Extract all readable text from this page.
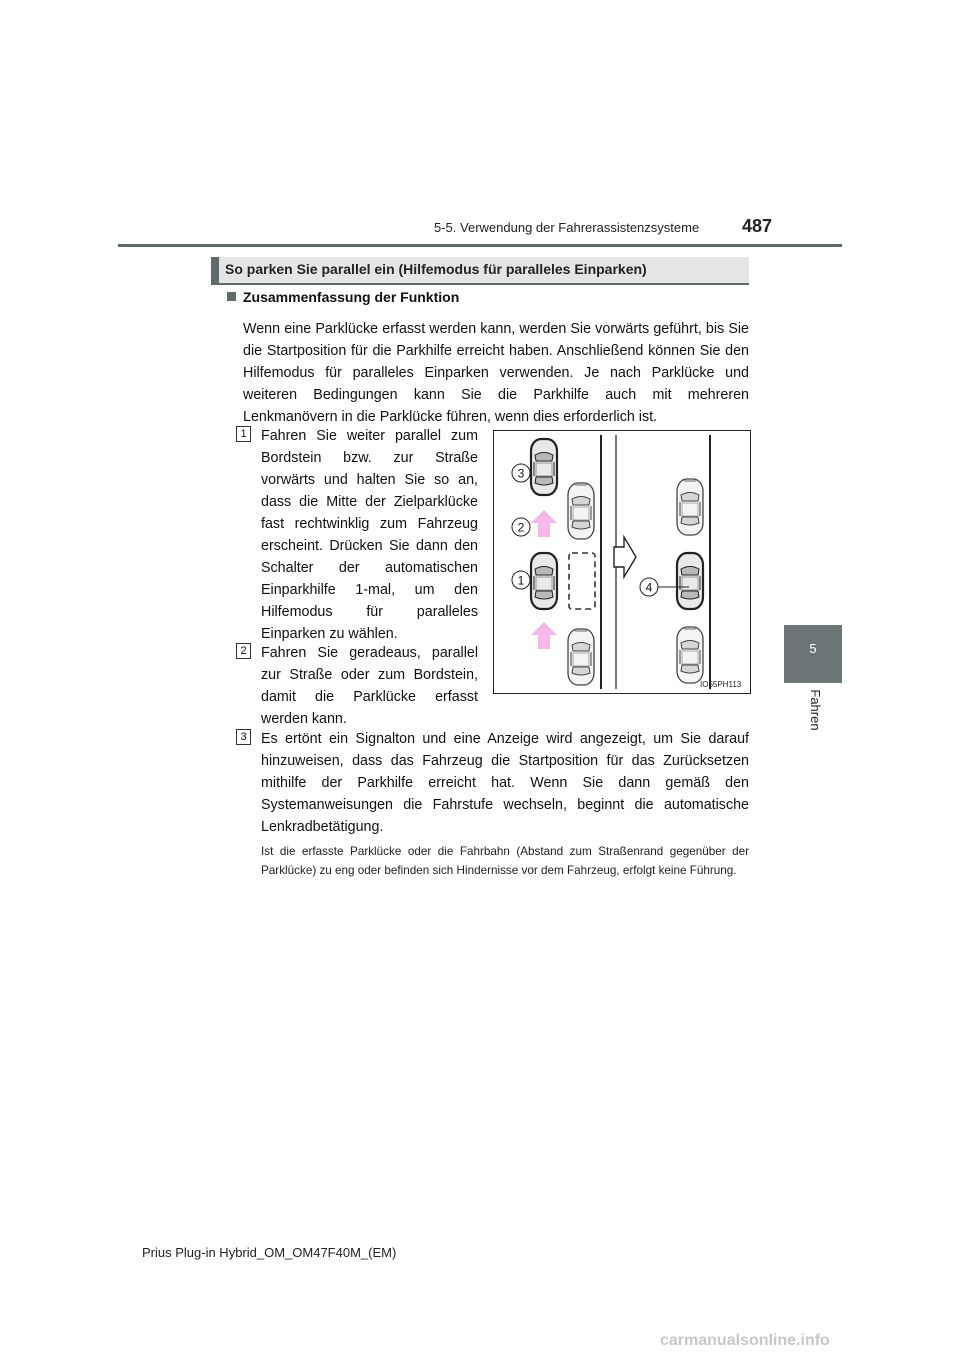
5-5. Verwendung der Fahrerassistenzsysteme 487
5
Fahren
So parken Sie parallel ein (Hilfemodus für paralleles Einparken)
Zusammenfassung der Funktion
Wenn eine Parklücke erfasst werden kann, werden Sie vorwärts geführt, bis Sie die Startposition für die Parkhilfe erreicht haben. Anschließend können Sie den Hilfemodus für paralleles Einparken verwenden. Je nach Parklücke und weiteren Bedingungen kann Sie die Parkhilfe auch mit mehreren Lenkmanövern in die Parklücke führen, wenn dies erforderlich ist.
1	Fahren Sie weiter parallel zum Bordstein bzw. zur Straße vorwärts und halten Sie so an, dass die Mitte der Zielparklücke fast rechtwinklig zum Fahrzeug erscheint. Drücken Sie dann den Schalter der automatischen Einparkhilfe 1-mal, um den Hilfemodus für paralleles Einparken zu wählen.
2	Fahren Sie geradeaus, parallel zur Straße oder zum Bordstein, damit die Parklücke erfasst werden kann.
3	Es ertönt ein Signalton und eine Anzeige wird angezeigt, um Sie darauf hinzuweisen, dass das Fahrzeug die Startposition für das Zurücksetzen mithilfe der Parkhilfe erreicht hat. Wenn Sie dann gemäß den Systemanweisungen die Fahrstufe wechseln, beginnt die automatische Lenkradbetätigung.
Ist die erfasste Parklücke oder die Fahrbahn (Abstand zum Straßenrand gegenüber der Parklücke) zu eng oder befinden sich Hindernisse vor dem Fahrzeug, erfolgt keine Führung.
3
2
1	4
IO55PH113
Prius Plug-in Hybrid_OM_OM47F40M_(EM)
carmanualsonline.info
